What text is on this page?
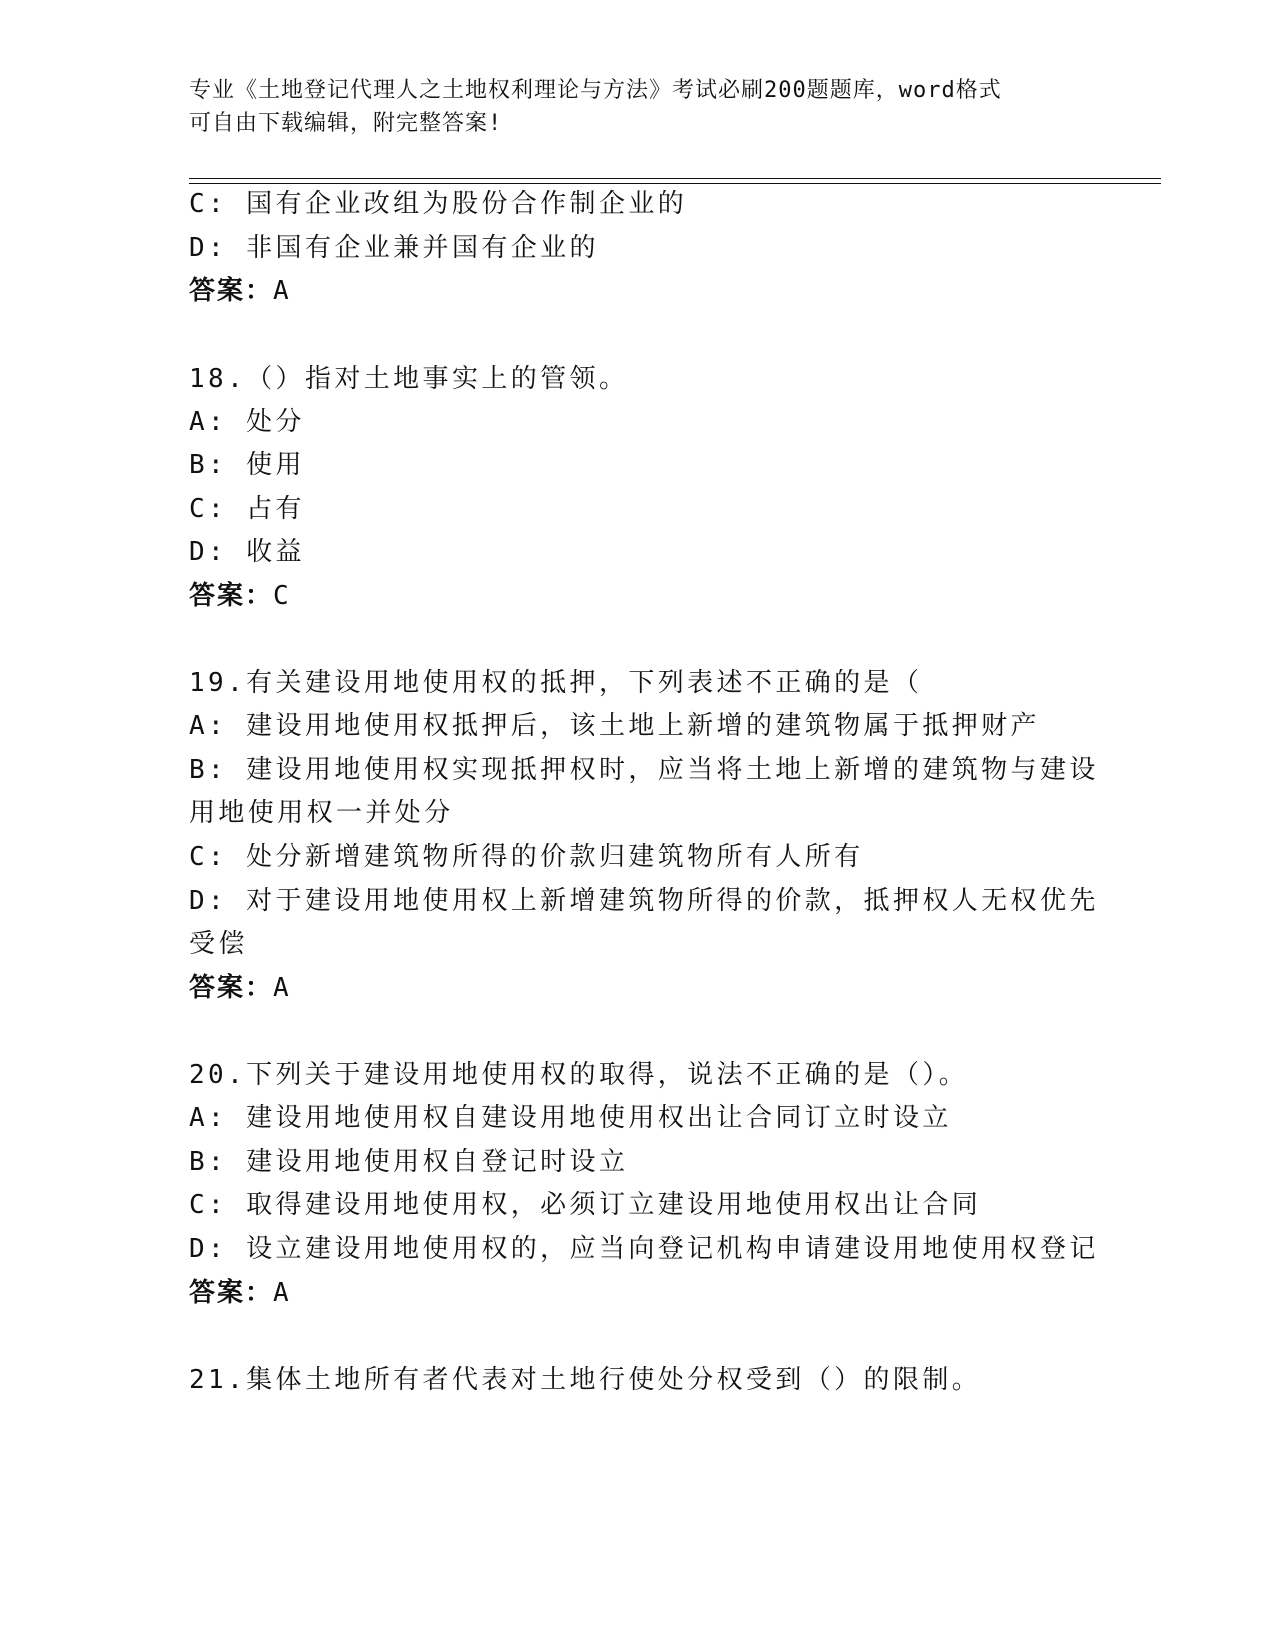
专业《土地登记代理人之土地权利理论与方法》考试必刷200题题库，word格式
可自由下载编辑，附完整答案!
C: 国有企业改组为股份合作制企业的
D: 非国有企业兼并国有企业的
答案：A
18.（）指对土地事实上的管领。
A: 处分
B: 使用
C: 占有
D: 收益
答案：C
19.有关建设用地使用权的抵押，下列表述不正确的是（
A: 建设用地使用权抵押后，该土地上新增的建筑物属于抵押财产
B: 建设用地使用权实现抵押权时，应当将土地上新增的建筑物与建设
用地使用权一并处分
C: 处分新增建筑物所得的价款归建筑物所有人所有
D: 对于建设用地使用权上新增建筑物所得的价款，抵押权人无权优先
受偿
答案：A
20.下列关于建设用地使用权的取得，说法不正确的是（）。
A: 建设用地使用权自建设用地使用权出让合同订立时设立
B: 建设用地使用权自登记时设立
C: 取得建设用地使用权，必须订立建设用地使用权出让合同
D: 设立建设用地使用权的，应当向登记机构申请建设用地使用权登记
答案：A
21.集体土地所有者代表对土地行使处分权受到（）的限制。
